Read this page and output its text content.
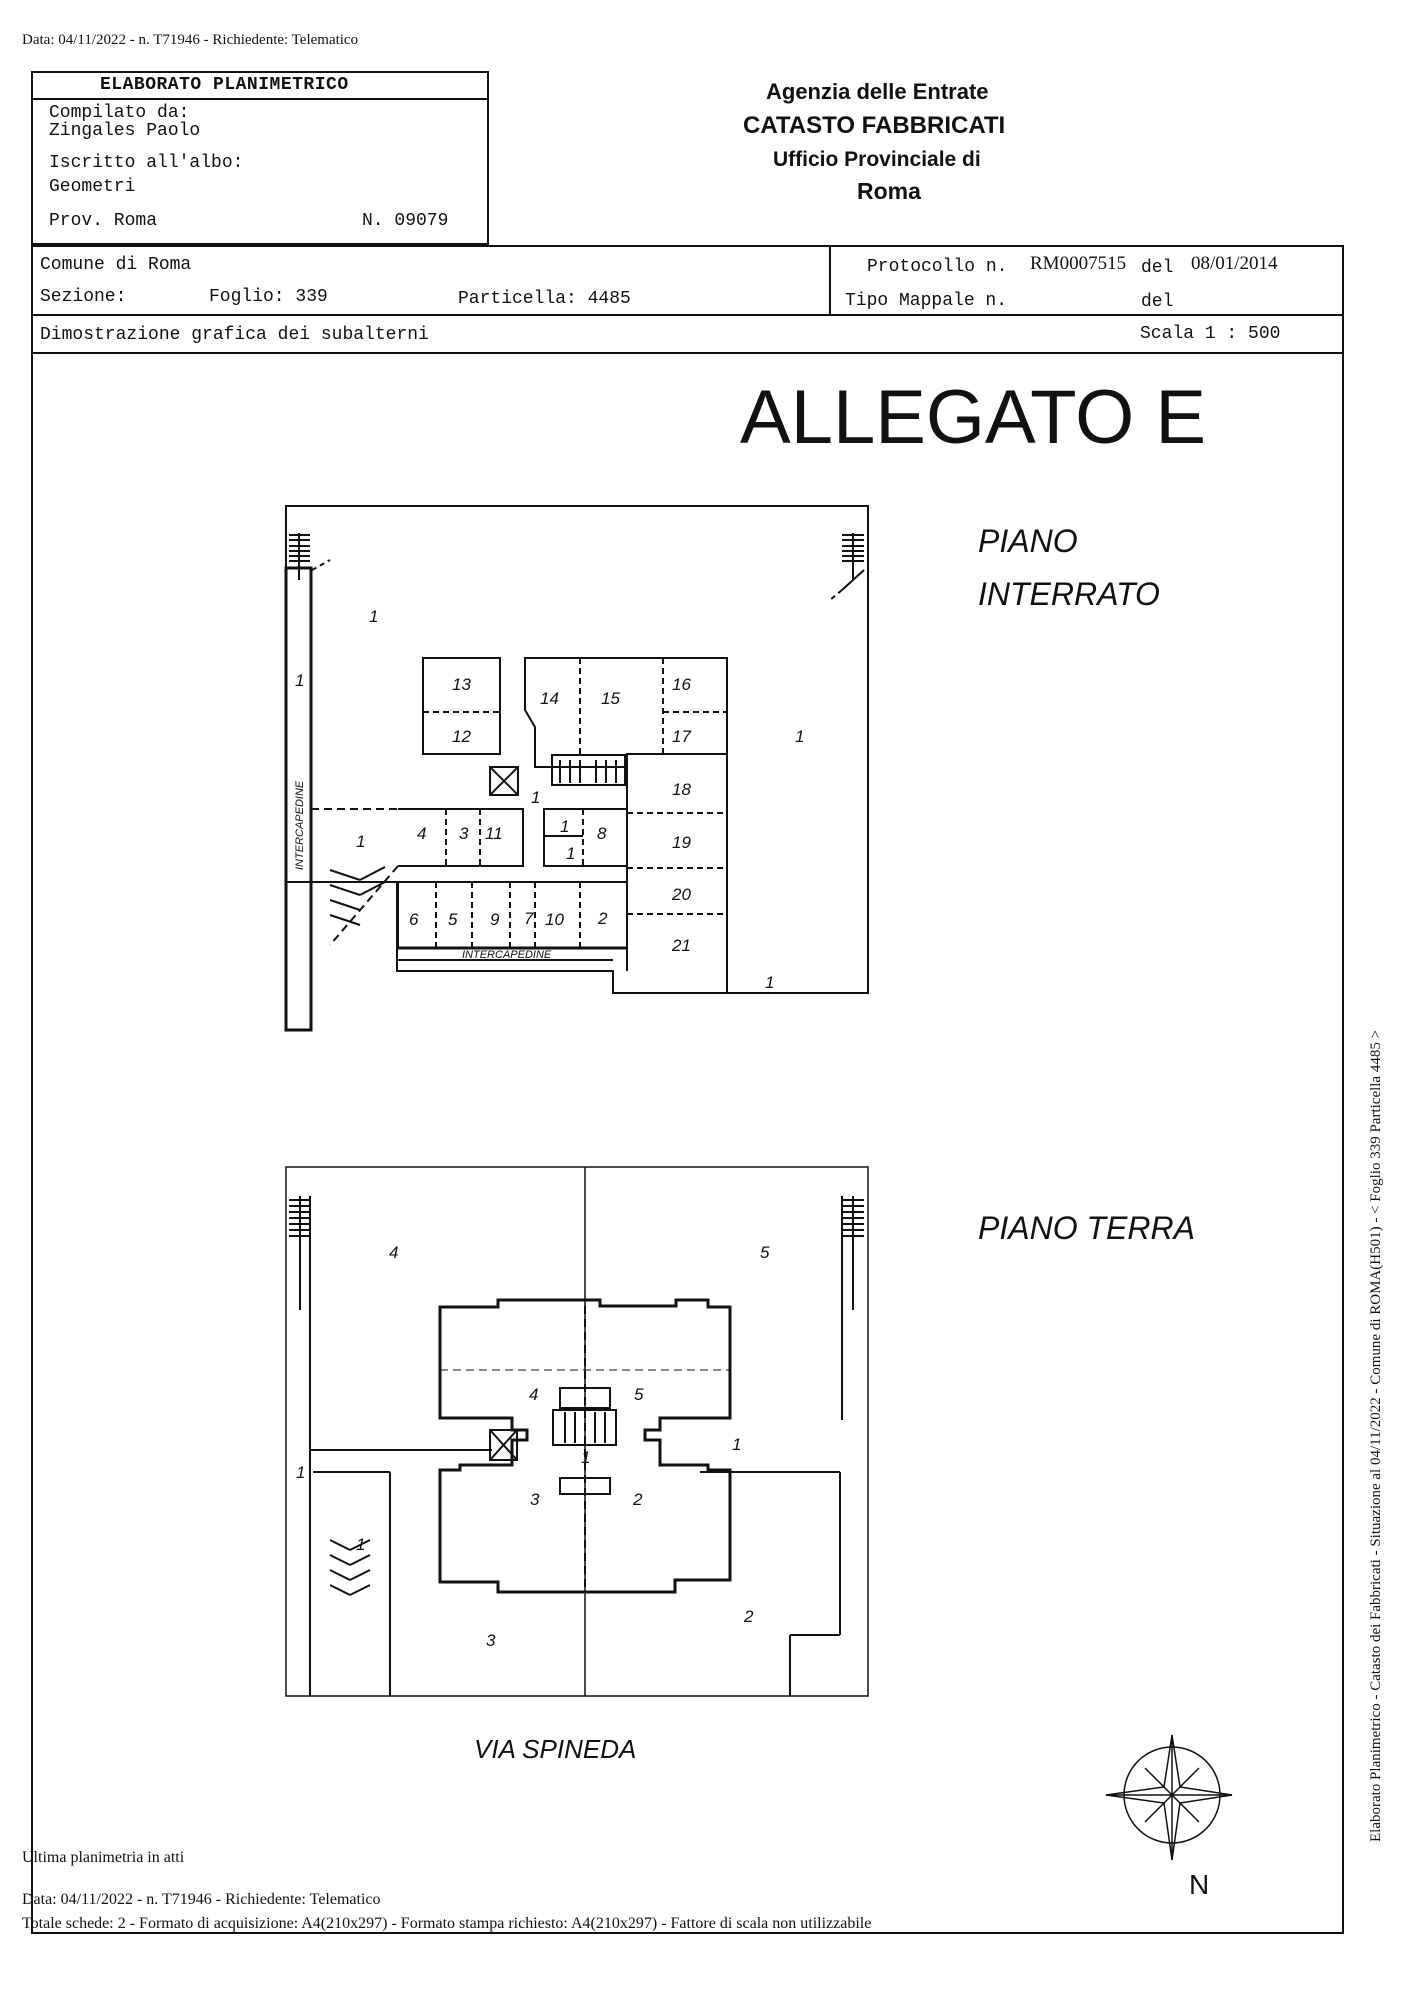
Data: 04/11/2022 - n. T71946 - Richiedente: Telematico
ELABORATO PLANIMETRICO
Compilato da:
Zingales Paolo
Iscritto all'albo:
Geometri
Prov. Roma	N. 09079
Agenzia delle Entrate
CATASTO FABBRICATI
Ufficio Provinciale di
Roma
Comune di Roma
Sezione:	Foglio: 339	Particella: 4485
Protocollo n. RM0007515 del 08/01/2014
Tipo Mappale n.	del
Dimostrazione grafica dei subalterni	Scala 1 : 500
ALLEGATO E
INTERCAPEDINE
INTERCAPEDINE
1
1
1
1
1
1
1
2
3
4
5
6	7
8
9	10
11
12
13
14 15
16
17
18
19
20
21
1
1
1
1
1
2
2
3
3
4
4
5
5
PIANO
INTERRATO
PIANO TERRA
VIA SPINEDA
N
Ultima planimetria in atti
Data: 04/11/2022 - n. T71946 - Richiedente: Telematico
Totale schede: 2 - Formato di acquisizione: A4(210x297) - Formato stampa richiesto: A4(210x297) - Fattore di scala non utilizzabile
Elaborato Planimetrico - Catasto dei Fabbricati - Situazione al 04/11/2022 - Comune di ROMA(H501) - < Foglio 339 Particella 4485 >
